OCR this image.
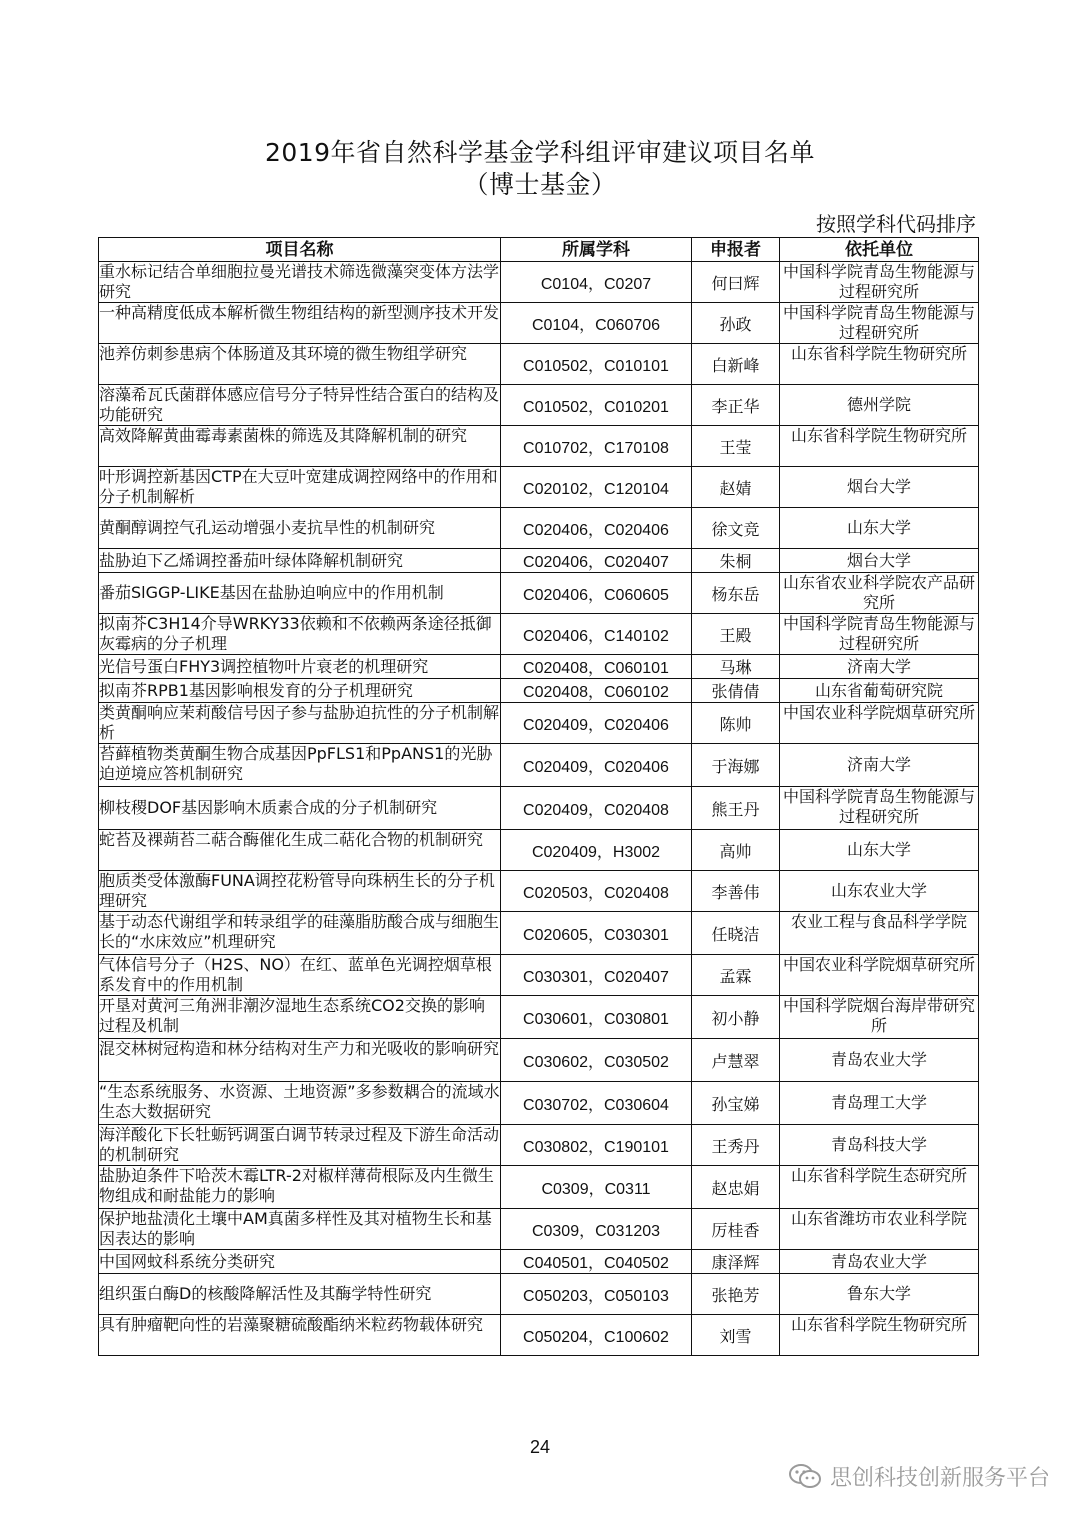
2019年省自然科学基金学科组评审建议项目名单
（博士基金）
按照学科代码排序
项目名称	所属学科	申报者	依托单位

重水标记结合单细胞拉曼光谱技术筛选微藻突变体方法学研究	C0104，C0207	何曰辉	中国科学院青岛生物能源与过程研究所

一种高精度低成本解析微生物组结构的新型测序技术开发	C0104，C060706	孙政	中国科学院青岛生物能源与过程研究所

池养仿刺参患病个体肠道及其环境的微生物组学研究	C010502，C010101	白新峰	山东省科学院生物研究所

溶藻希瓦氏菌群体感应信号分子特异性结合蛋白的结构及功能研究	C010502，C010201	李正华	德州学院

高效降解黄曲霉毒素菌株的筛选及其降解机制的研究	C010702，C170108	王莹	山东省科学院生物研究所

叶形调控新基因CTP在大豆叶宽建成调控网络中的作用和分子机制解析	C020102，C120104	赵婧	烟台大学

黄酮醇调控气孔运动增强小麦抗旱性的机制研究	C020406，C020406	徐文竞	山东大学

盐胁迫下乙烯调控番茄叶绿体降解机制研究	C020406，C020407	朱桐	烟台大学

番茄SlGGP-LIKE基因在盐胁迫响应中的作用机制	C020406，C060605	杨东岳	山东省农业科学院农产品研究所

拟南芥C3H14介导WRKY33依赖和不依赖两条途径抵御灰霉病的分子机理	C020406，C140102	王殿	中国科学院青岛生物能源与过程研究所

光信号蛋白FHY3调控植物叶片衰老的机理研究	C020408，C060101	马琳	济南大学

拟南芥RPB1基因影响根发育的分子机理研究	C020408，C060102	张倩倩	山东省葡萄研究院

类黄酮响应茉莉酸信号因子参与盐胁迫抗性的分子机制解析	C020409，C020406	陈帅	中国农业科学院烟草研究所

苔藓植物类黄酮生物合成基因PpFLS1和PpANS1的光胁迫逆境应答机制研究	C020409，C020406	于海娜	济南大学

柳枝稷DOF基因影响木质素合成的分子机制研究	C020409，C020408	熊王丹	中国科学院青岛生物能源与过程研究所

蛇苔及裸蒴苔二萜合酶催化生成二萜化合物的机制研究	C020409，H3002	高帅	山东大学

胞质类受体激酶FUNA调控花粉管导向珠柄生长的分子机理研究	C020503，C020408	李善伟	山东农业大学

基于动态代谢组学和转录组学的硅藻脂肪酸合成与细胞生长的“水床效应”机理研究	C020605，C030301	任晓洁	农业工程与食品科学学院

气体信号分子（H2S、NO）在红、蓝单色光调控烟草根系发育中的作用机制	C030301，C020407	孟霖	中国农业科学院烟草研究所

开垦对黄河三角洲非潮汐湿地生态系统CO2交换的影响过程及机制	C030601，C030801	初小静	中国科学院烟台海岸带研究所

混交林树冠构造和林分结构对生产力和光吸收的影响研究	C030602，C030502	卢慧翠	青岛农业大学

“生态系统服务、水资源、土地资源”多参数耦合的流域水生态大数据研究	C030702，C030604	孙宝娣	青岛理工大学

海洋酸化下长牡蛎钙调蛋白调节转录过程及下游生命活动的机制研究	C030802，C190101	王秀丹	青岛科技大学

盐胁迫条件下哈茨木霉LTR-2对椒样薄荷根际及内生微生物组成和耐盐能力的影响	C0309，C0311	赵忠娟	山东省科学院生态研究所

保护地盐渍化土壤中AM真菌多样性及其对植物生长和基因表达的影响	C0309，C031203	厉桂香	山东省潍坊市农业科学院

中国网蚊科系统分类研究	C040501，C040502	康泽辉	青岛农业大学

组织蛋白酶D的核酸降解活性及其酶学特性研究	C050203，C050103	张艳芳	鲁东大学

具有肿瘤靶向性的岩藻聚糖硫酸酯纳米粒药物载体研究	C050204，C100602	刘雪	山东省科学院生物研究所
24
思创科技创新服务平台
